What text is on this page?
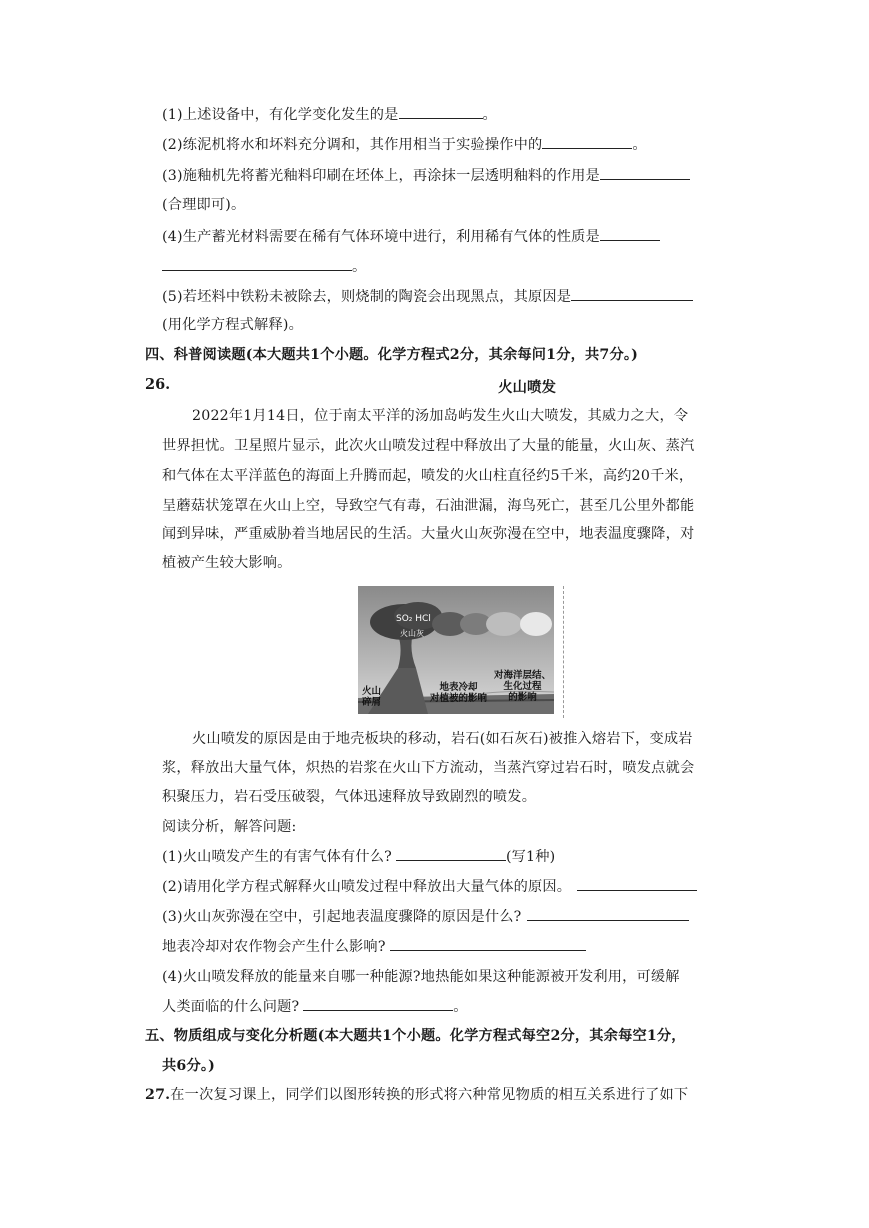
(1)上述设备中，有化学变化发生的是	。
(2)练泥机将水和坏料充分调和，其作用相当于实验操作中的	。
(3)施釉机先将蓄光釉料印刷在坯体上，再涂抹一层透明釉料的作用是
(合理即可)。
(4)生产蓄光材料需要在稀有气体环境中进行，利用稀有气体的性质是
。
(5)若坯料中铁粉未被除去，则烧制的陶瓷会出现黑点，其原因是
(用化学方程式解释)。
四、科普阅读题(本大题共1个小题。化学方程式2分，其余每问1分，共7分。)
26.	火山喷发
2022年1月14日，位于南太平洋的汤加岛屿发生火山大喷发，其威力之大，令
世界担忧。卫星照片显示，此次火山喷发过程中释放出了大量的能量，火山灰、蒸汽
和气体在太平洋蓝色的海面上升腾而起，喷发的火山柱直径约5千米，高约20千米，
呈蘑菇状笼罩在火山上空，导致空气有毒，石油泄漏，海鸟死亡，甚至几公里外都能
闻到异味，严重威胁着当地居民的生活。大量火山灰弥漫在空中，地表温度骤降，对
植被产生较大影响。
SO₂ HCl
火山灰
火山
碎屑
地表冷却
对植被的影响
对海洋层结、
生化过程
的影响
火山喷发的原因是由于地壳板块的移动，岩石(如石灰石)被推入熔岩下，变成岩
浆，释放出大量气体，炽热的岩浆在火山下方流动，当蒸汽穿过岩石时，喷发点就会
积聚压力，岩石受压破裂，气体迅速释放导致剧烈的喷发。
阅读分析，解答问题:
(1)火山喷发产生的有害气体有什么?	(写1种)
(2)请用化学方程式解释火山喷发过程中释放出大量气体的原因。
(3)火山灰弥漫在空中，引起地表温度骤降的原因是什么?
地表冷却对农作物会产生什么影响?
(4)火山喷发释放的能量来自哪一种能源?地热能如果这种能源被开发利用，可缓解
人类面临的什么问题?	。
五、物质组成与变化分析题(本大题共1个小题。化学方程式每空2分，其余每空1分，
共6分。)
27.在一次复习课上，同学们以图形转换的形式将六种常见物质的相互关系进行了如下
